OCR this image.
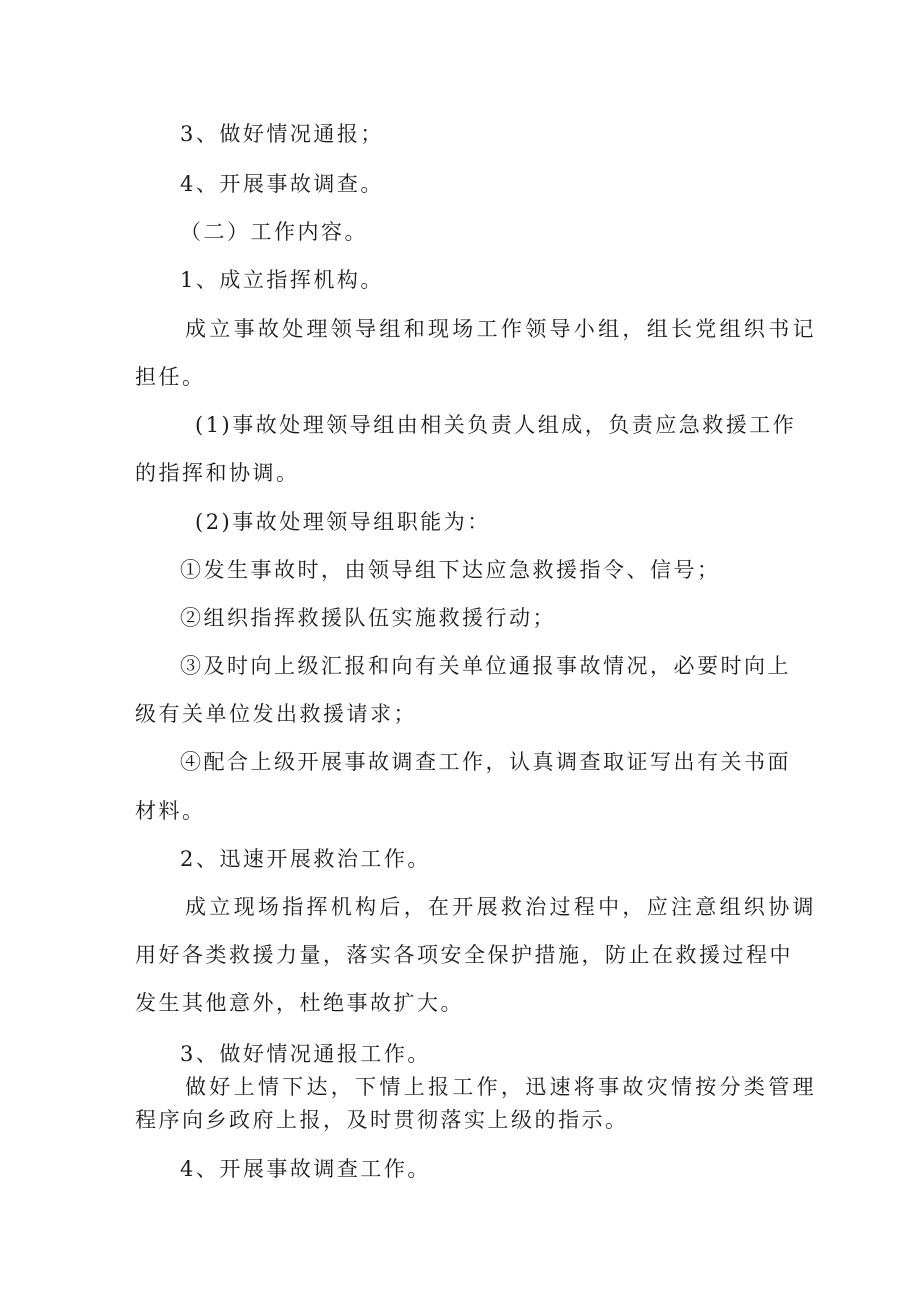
3、做好情况通报；
4、开展事故调查。
（二）工作内容。
1、成立指挥机构。
成立事故处理领导组和现场工作领导小组，组长党组织书记
担任。
(1)事故处理领导组由相关负责人组成，负责应急救援工作
的指挥和协调。
(2)事故处理领导组职能为：
①发生事故时，由领导组下达应急救援指令、信号；
②组织指挥救援队伍实施救援行动；
③及时向上级汇报和向有关单位通报事故情况，必要时向上
级有关单位发出救援请求；
④配合上级开展事故调查工作，认真调查取证写出有关书面
材料。
2、迅速开展救治工作。
成立现场指挥机构后，在开展救治过程中，应注意组织协调
用好各类救援力量，落实各项安全保护措施，防止在救援过程中
发生其他意外，杜绝事故扩大。
3、做好情况通报工作。
做好上情下达，下情上报工作，迅速将事故灾情按分类管理
程序向乡政府上报，及时贯彻落实上级的指示。
4、开展事故调查工作。
